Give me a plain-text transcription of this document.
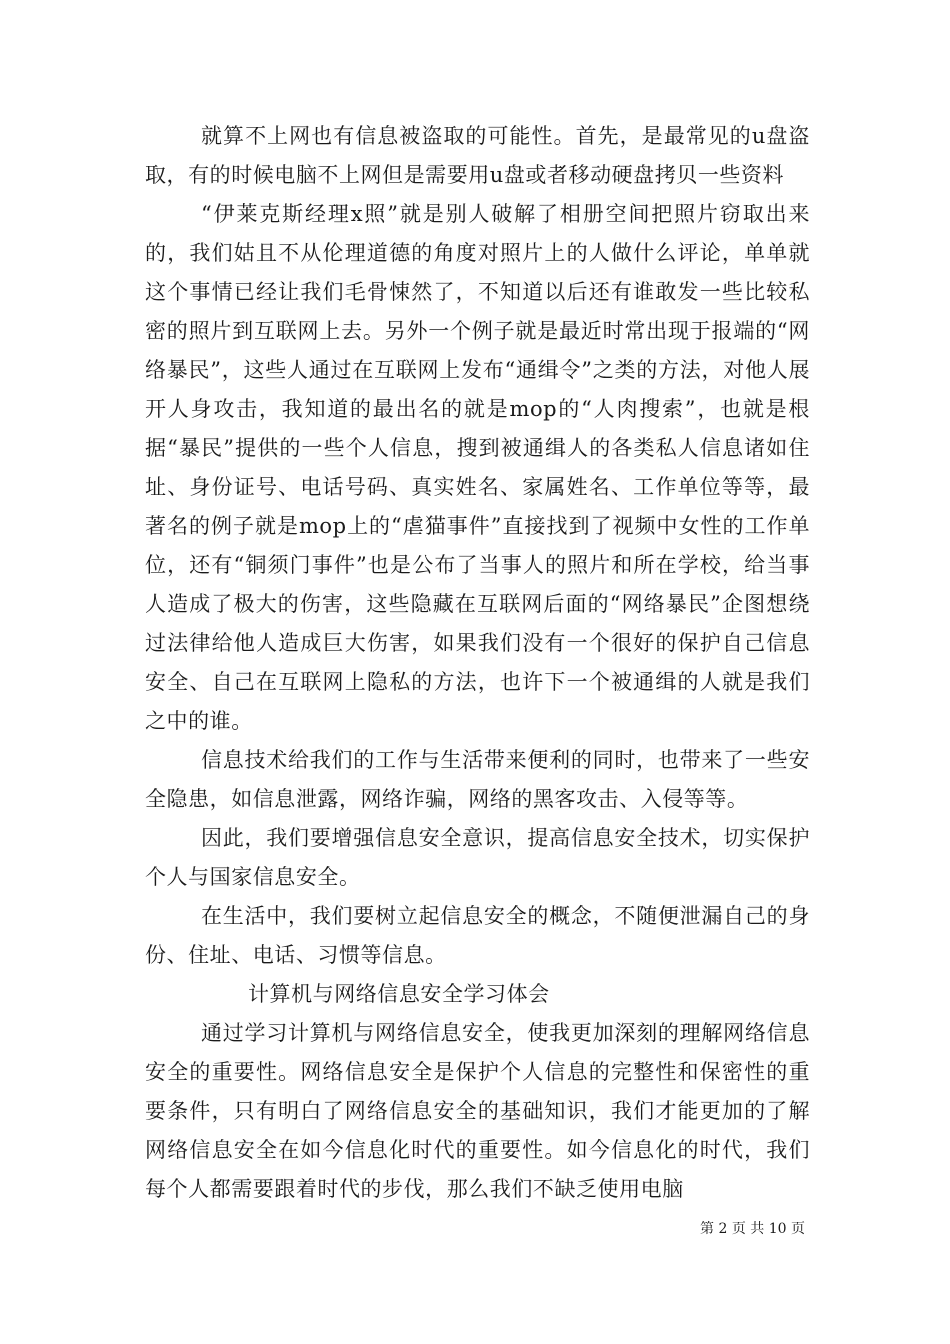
就算不上网也有信息被盗取的可能性。首先，是最常见的u盘盗取，有的时候电脑不上网但是需要用u盘或者移动硬盘拷贝一些资料

“伊莱克斯经理x照”就是别人破解了相册空间把照片窃取出来的，我们姑且不从伦理道德的角度对照片上的人做什么评论，单单就这个事情已经让我们毛骨悚然了，不知道以后还有谁敢发一些比较私密的照片到互联网上去。另外一个例子就是最近时常出现于报端的“网络暴民”，这些人通过在互联网上发布“通缉令”之类的方法，对他人展开人身攻击，我知道的最出名的就是mop的“人肉搜索”，也就是根据“暴民”提供的一些个人信息，搜到被通缉人的各类私人信息诸如住址、身份证号、电话号码、真实姓名、家属姓名、工作单位等等，最著名的例子就是mop上的“虐猫事件”直接找到了视频中女性的工作单位，还有“铜须门事件”也是公布了当事人的照片和所在学校，给当事人造成了极大的伤害，这些隐藏在互联网后面的“网络暴民”企图想绕过法律给他人造成巨大伤害，如果我们没有一个很好的保护自己信息安全、自己在互联网上隐私的方法，也许下一个被通缉的人就是我们之中的谁。

信息技术给我们的工作与生活带来便利的同时，也带来了一些安全隐患，如信息泄露，网络诈骗，网络的黑客攻击、入侵等等。

因此，我们要增强信息安全意识，提高信息安全技术，切实保护个人与国家信息安全。

在生活中，我们要树立起信息安全的概念，不随便泄漏自己的身份、住址、电话、习惯等信息。

计算机与网络信息安全学习体会

通过学习计算机与网络信息安全，使我更加深刻的理解网络信息安全的重要性。网络信息安全是保护个人信息的完整性和保密性的重要条件，只有明白了网络信息安全的基础知识，我们才能更加的了解网络信息安全在如今信息化时代的重要性。如今信息化的时代，我们每个人都需要跟着时代的步伐，那么我们不缺乏使用电脑

第 2 页 共 10 页
